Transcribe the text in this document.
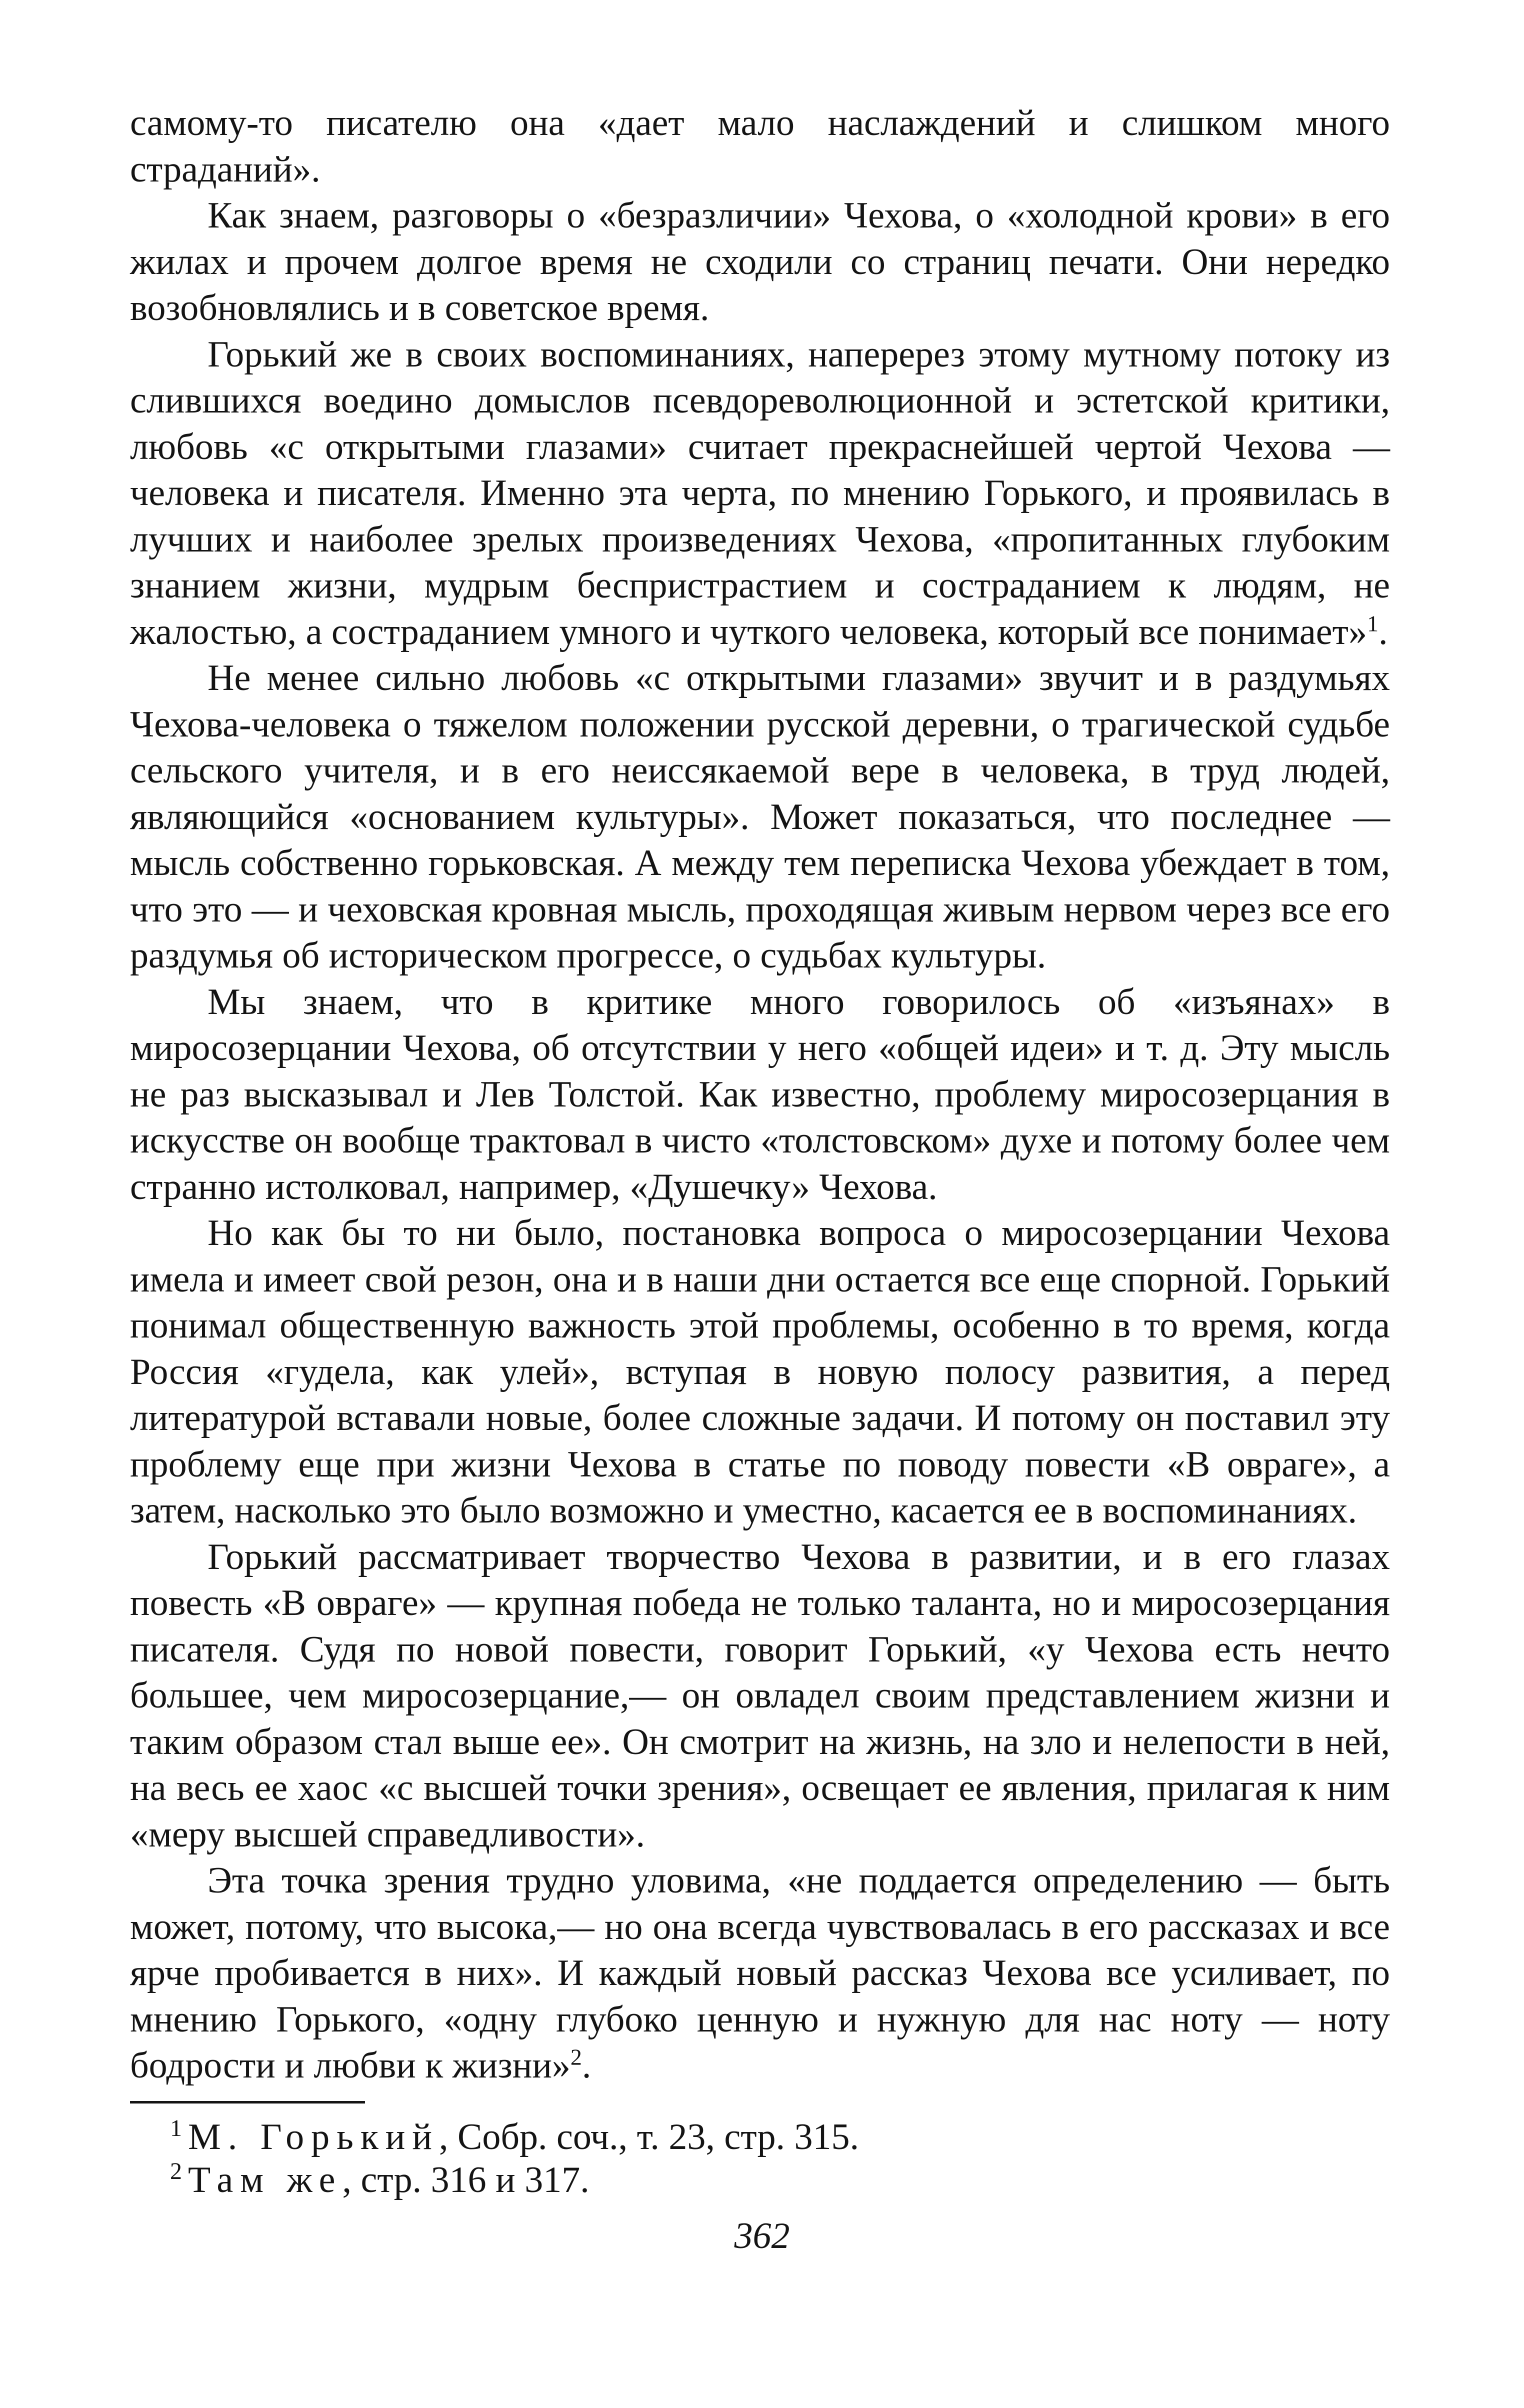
самому-то писателю она «дает мало наслаждений и слишком много страданий».

Как знаем, разговоры о «безразличии» Чехова, о «холодной крови» в его жилах и прочем долгое время не сходили со страниц печати. Они нередко возобновлялись и в советское время.

Горький же в своих воспоминаниях, наперерез этому мутному потоку из слившихся воедино домыслов псевдореволюционной и эстетской критики, любовь «с открытыми глазами» считает прекраснейшей чертой Чехова — человека и писателя. Именно эта черта, по мнению Горького, и проявилась в лучших и наиболее зрелых произведениях Чехова, «пропитанных глубоким знанием жизни, мудрым беспристрастием и состраданием к людям, не жалостью, а состраданием умного и чуткого человека, который все понимает»$^1$.

Не менее сильно любовь «с открытыми глазами» звучит и в раздумьях Чехова-человека о тяжелом положении русской деревни, о трагической судьбе сельского учителя, и в его неиссякаемой вере в человека, в труд людей, являющийся «основанием культуры». Может показаться, что последнее — мысль собственно горьковская. А между тем переписка Чехова убеждает в том, что это — и чеховская кровная мысль, проходящая живым нервом через все его раздумья об историческом прогрессе, о судьбах культуры.

Мы знаем, что в критике много говорилось об «изъянах» в миросозерцании Чехова, об отсутствии у него «общей идеи» и т. д. Эту мысль не раз высказывал и Лев Толстой. Как известно, проблему миросозерцания в искусстве он вообще трактовал в чисто «толстовском» духе и потому более чем странно истолковал, например, «Душечку» Чехова.

Но как бы то ни было, постановка вопроса о миросозерцании Чехова имела и имеет свой резон, она и в наши дни остается все еще спорной. Горький понимал общественную важность этой проблемы, особенно в то время, когда Россия «гудела, как улей», вступая в новую полосу развития, а перед литературой вставали новые, более сложные задачи. И потому он поставил эту проблему еще при жизни Чехова в статье по поводу повести «В овраге», а затем, насколько это было возможно и уместно, касается ее в воспоминаниях.

Горький рассматривает творчество Чехова в развитии, и в его глазах повесть «В овраге» — крупная победа не только таланта, но и миросозерцания писателя. Судя по новой повести, говорит Горький, «у Чехова есть нечто большее, чем миросозерцание,— он овладел своим представлением жизни и таким образом стал выше ее». Он смотрит на жизнь, на зло и нелепости в ней, на весь ее хаос «с высшей точки зрения», освещает ее явления, прилагая к ним «меру высшей справедливости».

Эта точка зрения трудно уловима, «не поддается определению — быть может, потому, что высока,— но она всегда чувствовалась в его рассказах и все ярче пробивается в них». И каждый новый рассказ Чехова все усиливает, по мнению Горького, «одну глубоко ценную и нужную для нас ноту — ноту бодрости и любви к жизни»$^2$.

$^1$ М. Горький, Собр. соч., т. 23, стр. 315.

$^2$ Там же, стр. 316 и 317.

362
